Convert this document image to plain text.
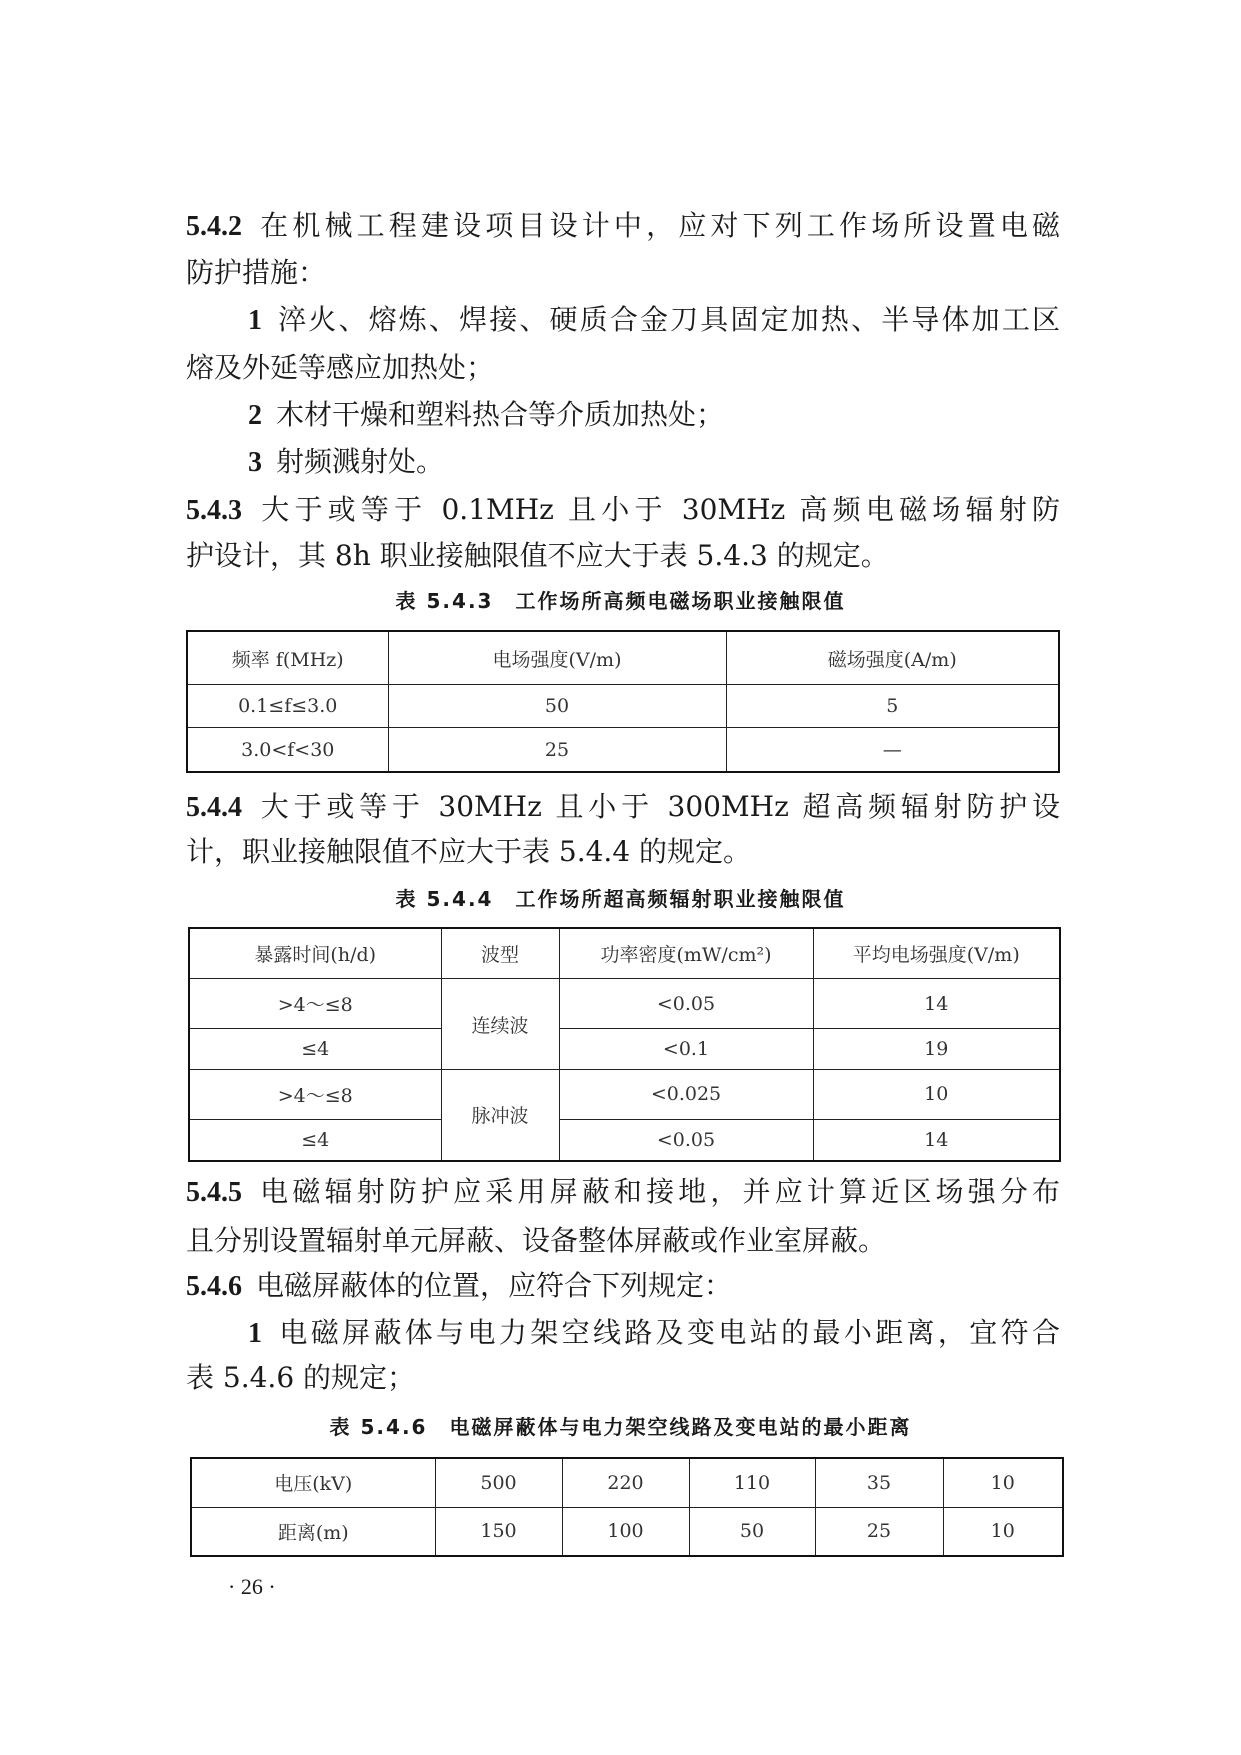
5.4.2 在机械工程建设项目设计中，应对下列工作场所设置电磁
防护措施：
1 淬火、熔炼、焊接、硬质合金刀具固定加热、半导体加工区
熔及外延等感应加热处；
2 木材干燥和塑料热合等介质加热处；
3 射频溅射处。
5.4.3 大于或等于 0.1MHz 且小于 30MHz 高频电磁场辐射防
护设计，其 8h 职业接触限值不应大于表 5.4.3 的规定。
表 5.4.3　工作场所高频电磁场职业接触限值
频率 f(MHz)	电场强度(V/m)	磁场强度(A/m)
0.1≤f≤3.0	50	5
3.0<f<30	25	—
5.4.4 大于或等于 30MHz 且小于 300MHz 超高频辐射防护设
计，职业接触限值不应大于表 5.4.4 的规定。
表 5.4.4　工作场所超高频辐射职业接触限值
暴露时间(h/d)	波型	功率密度(mW/cm²)	平均电场强度(V/m)
>4～≤8	连续波	<0.05	14
≤4		<0.1	19
>4～≤8	脉冲波	<0.025	10
≤4		<0.05	14
5.4.5 电磁辐射防护应采用屏蔽和接地，并应计算近区场强分布
且分别设置辐射单元屏蔽、设备整体屏蔽或作业室屏蔽。
5.4.6 电磁屏蔽体的位置，应符合下列规定：
1 电磁屏蔽体与电力架空线路及变电站的最小距离，宜符合
表 5.4.6 的规定；
表 5.4.6　电磁屏蔽体与电力架空线路及变电站的最小距离
电压(kV)	500	220	110	35	10
距离(m)	150	100	50	25	10
· 26 ·
